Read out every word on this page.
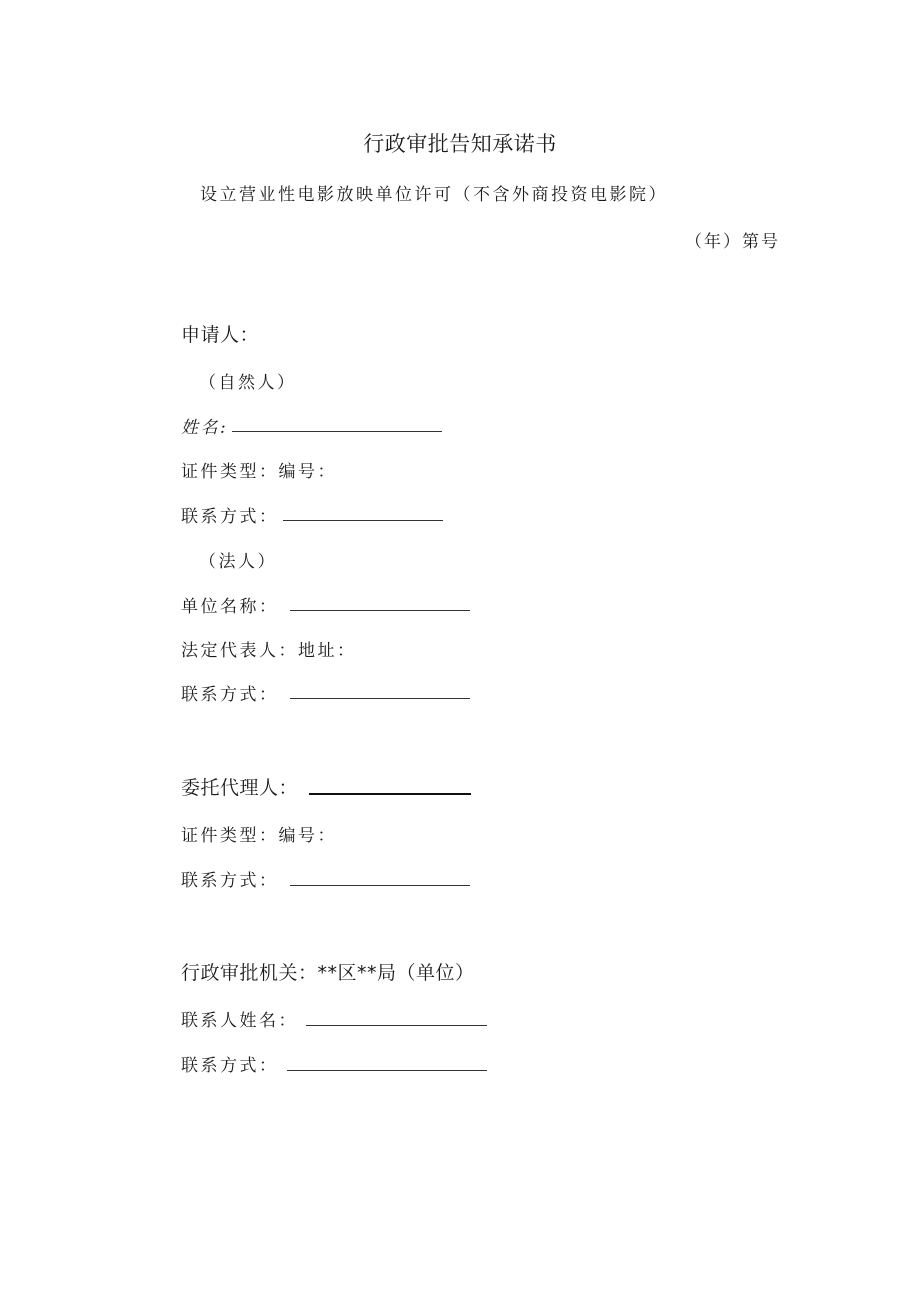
行政审批告知承诺书
设立营业性电影放映单位许可（不含外商投资电影院）
（年）第号
申请人：
（自然人）
姓名:
证件类型：编号：
联系方式：
（法人）
单位名称：
法定代表人：地址：
联系方式：
委托代理人：
证件类型：编号：
联系方式：
行政审批机关：**区**局（单位）
联系人姓名：
联系方式：
